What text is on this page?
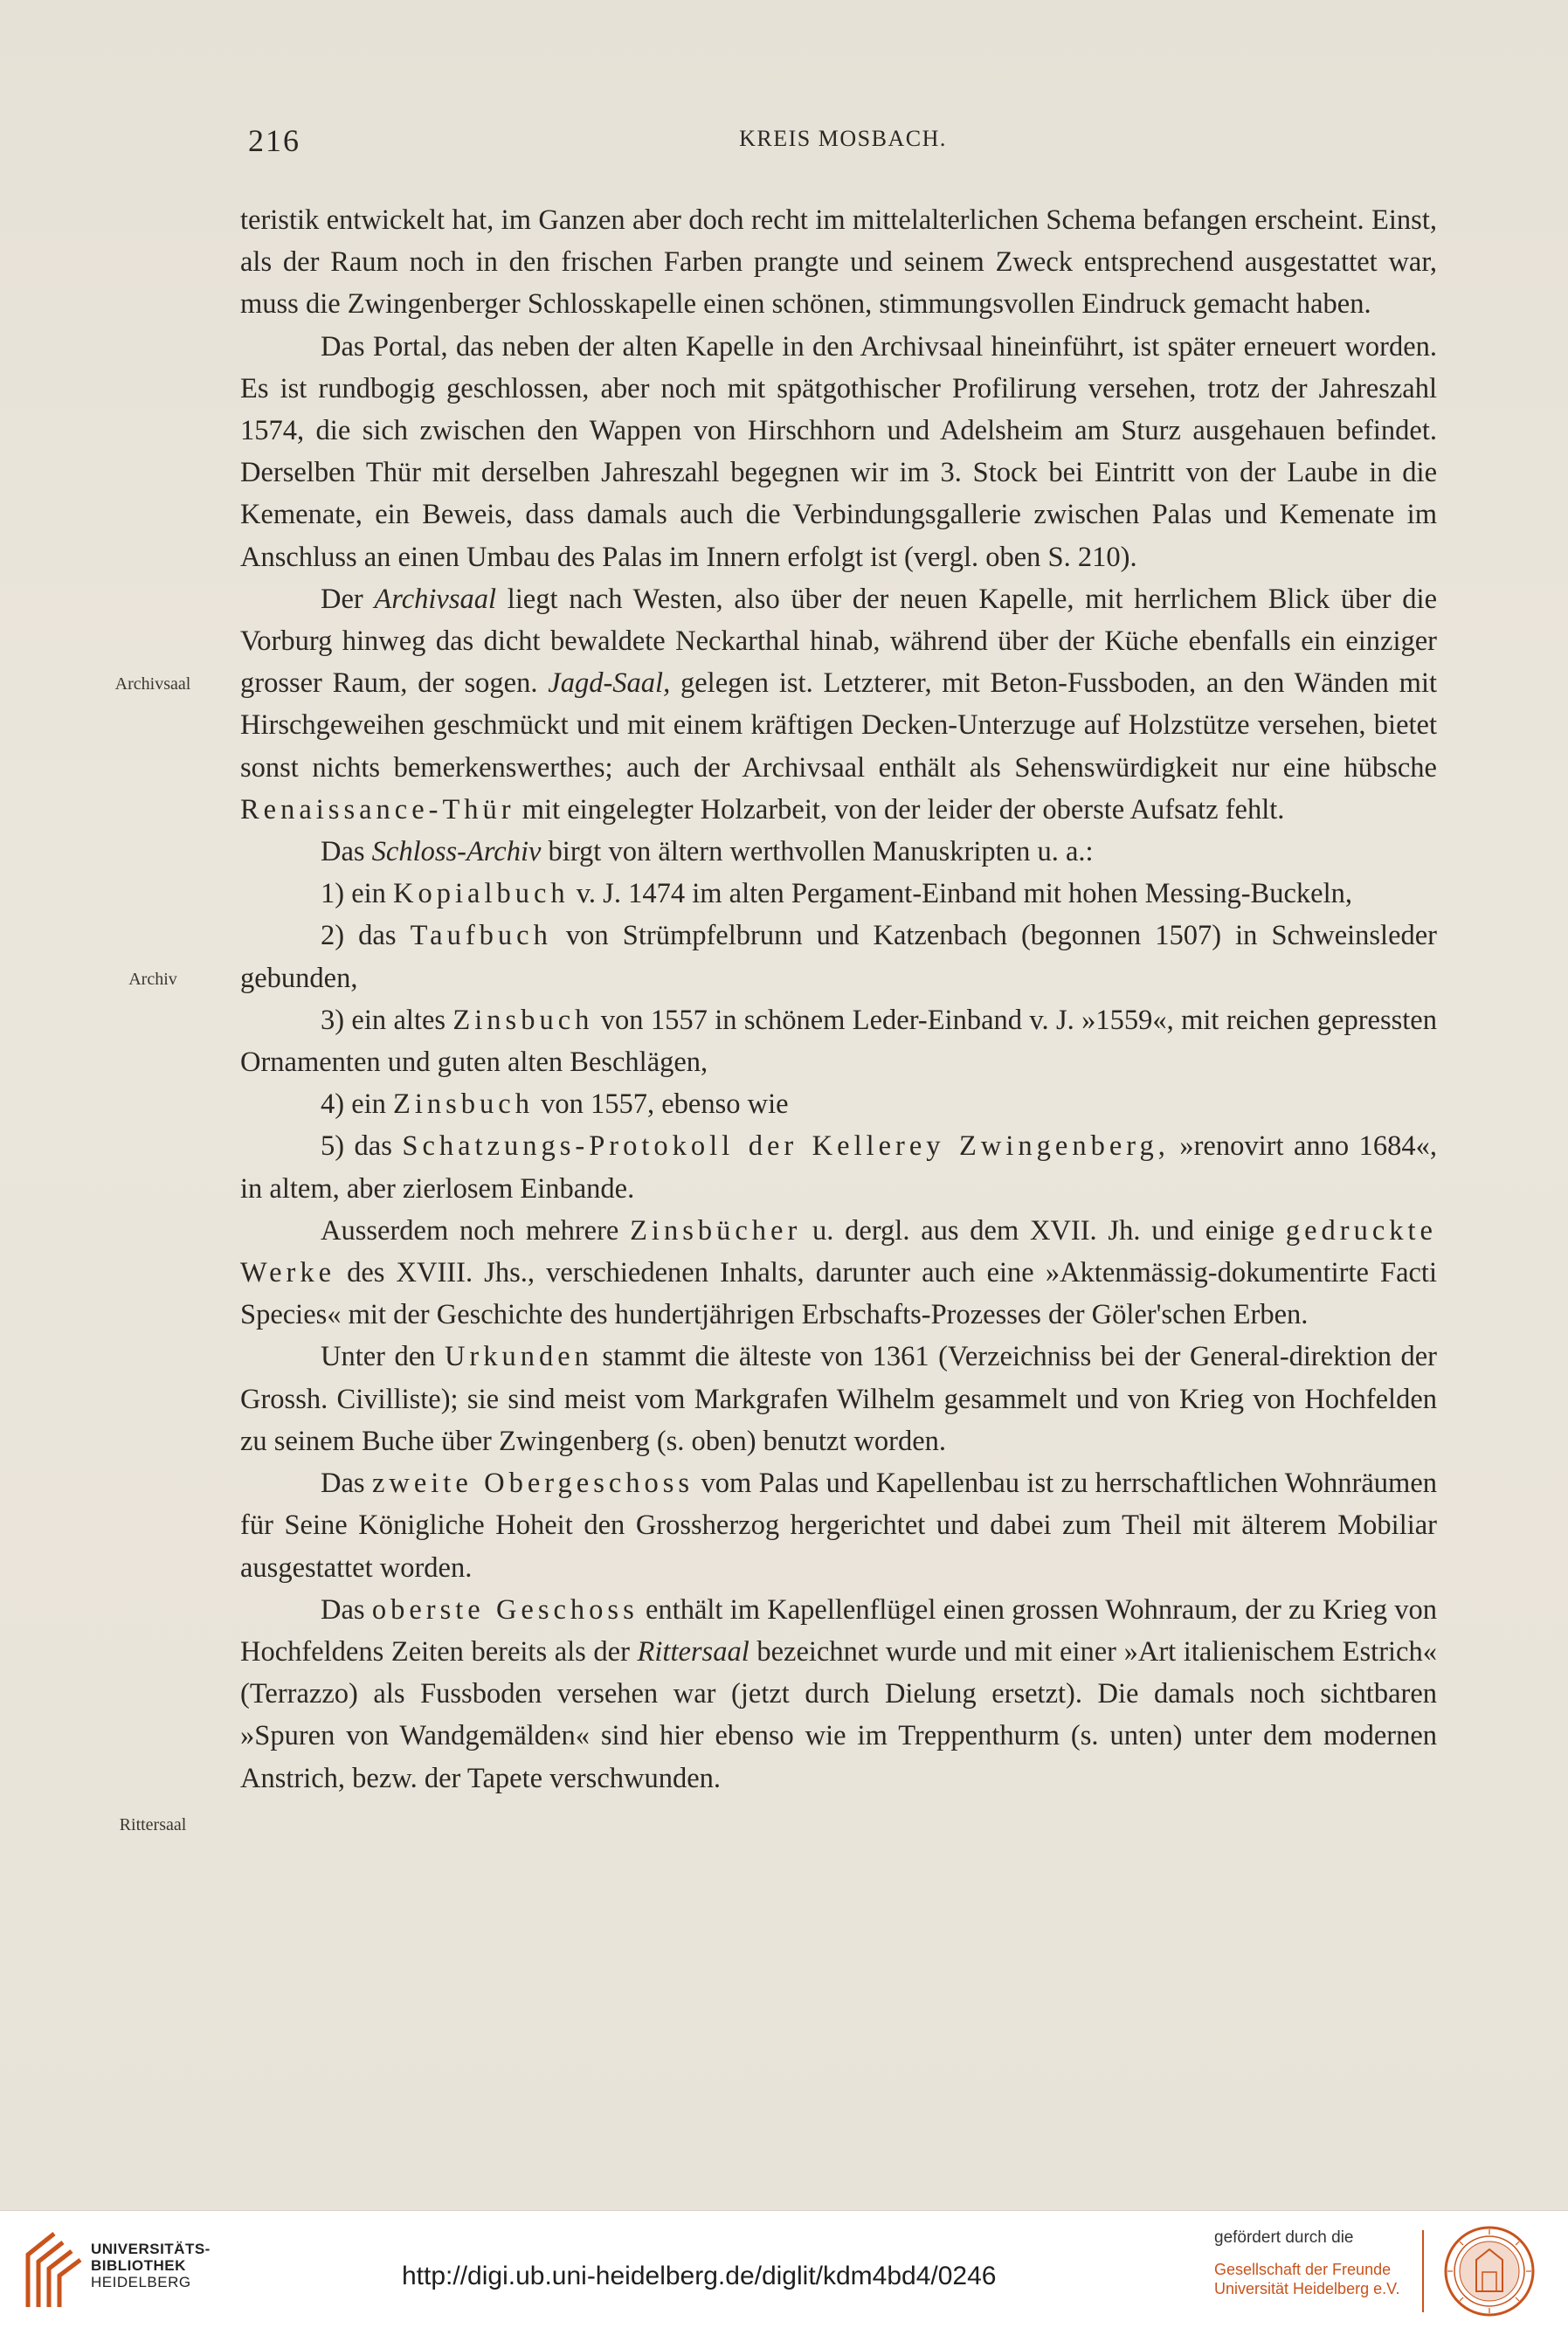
216	KREIS MOSBACH.
Archivsaal
Archiv
Rittersaal

teristik entwickelt hat, im Ganzen aber doch recht im mittelalterlichen Schema befangen erscheint. Einst, als der Raum noch in den frischen Farben prangte und seinem Zweck entsprechend ausgestattet war, muss die Zwingenberger Schlosskapelle einen schönen, stimmungsvollen Eindruck gemacht haben.

Das Portal, das neben der alten Kapelle in den Archivsaal hineinführt, ist später erneuert worden. Es ist rundbogig geschlossen, aber noch mit spätgothischer Profilirung versehen, trotz der Jahreszahl 1574, die sich zwischen den Wappen von Hirschhorn und Adelsheim am Sturz ausgehauen befindet. Derselben Thür mit derselben Jahreszahl begegnen wir im 3. Stock bei Eintritt von der Laube in die Kemenate, ein Beweis, dass damals auch die Verbindungsgallerie zwischen Palas und Kemenate im Anschluss an einen Umbau des Palas im Innern erfolgt ist (vergl. oben S. 210).

Der Archivsaal liegt nach Westen, also über der neuen Kapelle, mit herrlichem Blick über die Vorburg hinweg das dicht bewaldete Neckarthal hinab, während über der Küche ebenfalls ein einziger grosser Raum, der sogen. Jagd-Saal, gelegen ist. Letzterer, mit Beton-Fussboden, an den Wänden mit Hirschgeweihen geschmückt und mit einem kräftigen Decken-Unterzuge auf Holzstütze versehen, bietet sonst nichts bemerkenswerthes; auch der Archivsaal enthält als Sehenswürdigkeit nur eine hübsche Renaissance-Thür mit eingelegter Holzarbeit, von der leider der oberste Aufsatz fehlt.

Das Schloss-Archiv birgt von ältern werthvollen Manuskripten u. a.:

1) ein Kopialbuch v. J. 1474 im alten Pergament-Einband mit hohen Messing-Buckeln,

2) das Taufbuch von Strümpfelbrunn und Katzenbach (begonnen 1507) in Schweinsleder gebunden,

3) ein altes Zinsbuch von 1557 in schönem Leder-Einband v. J. »1559«, mit reichen gepressten Ornamenten und guten alten Beschlägen,

4) ein Zinsbuch von 1557, ebenso wie

5) das Schatzungs-Protokoll der Kellerey Zwingenberg, »renovirt anno 1684«, in altem, aber zierlosem Einbande.

Ausserdem noch mehrere Zinsbücher u. dergl. aus dem XVII. Jh. und einige gedruckte Werke des XVIII. Jhs., verschiedenen Inhalts, darunter auch eine »Aktenmässig-dokumentirte Facti Species« mit der Geschichte des hundertjährigen Erbschafts-Prozesses der Göler'schen Erben.

Unter den Urkunden stammt die älteste von 1361 (Verzeichniss bei der General-direktion der Grossh. Civilliste); sie sind meist vom Markgrafen Wilhelm gesammelt und von Krieg von Hochfelden zu seinem Buche über Zwingenberg (s. oben) benutzt worden.

Das zweite Obergeschoss vom Palas und Kapellenbau ist zu herrschaftlichen Wohnräumen für Seine Königliche Hoheit den Grossherzog hergerichtet und dabei zum Theil mit älterem Mobiliar ausgestattet worden.

Das oberste Geschoss enthält im Kapellenflügel einen grossen Wohnraum, der zu Krieg von Hochfeldens Zeiten bereits als der Rittersaal bezeichnet wurde und mit einer »Art italienischem Estrich« (Terrazzo) als Fussboden versehen war (jetzt durch Dielung ersetzt). Die damals noch sichtbaren »Spuren von Wandgemälden« sind hier ebenso wie im Treppenthurm (s. unten) unter dem modernen Anstrich, bezw. der Tapete verschwunden.

UNIVERSITÄTS-
BIBLIOTHEK
HEIDELBERG	http://digi.ub.uni-heidelberg.de/diglit/kdm4bd4/0246
gefördert durch die
Gesellschaft der Freunde
Universität Heidelberg e.V.
